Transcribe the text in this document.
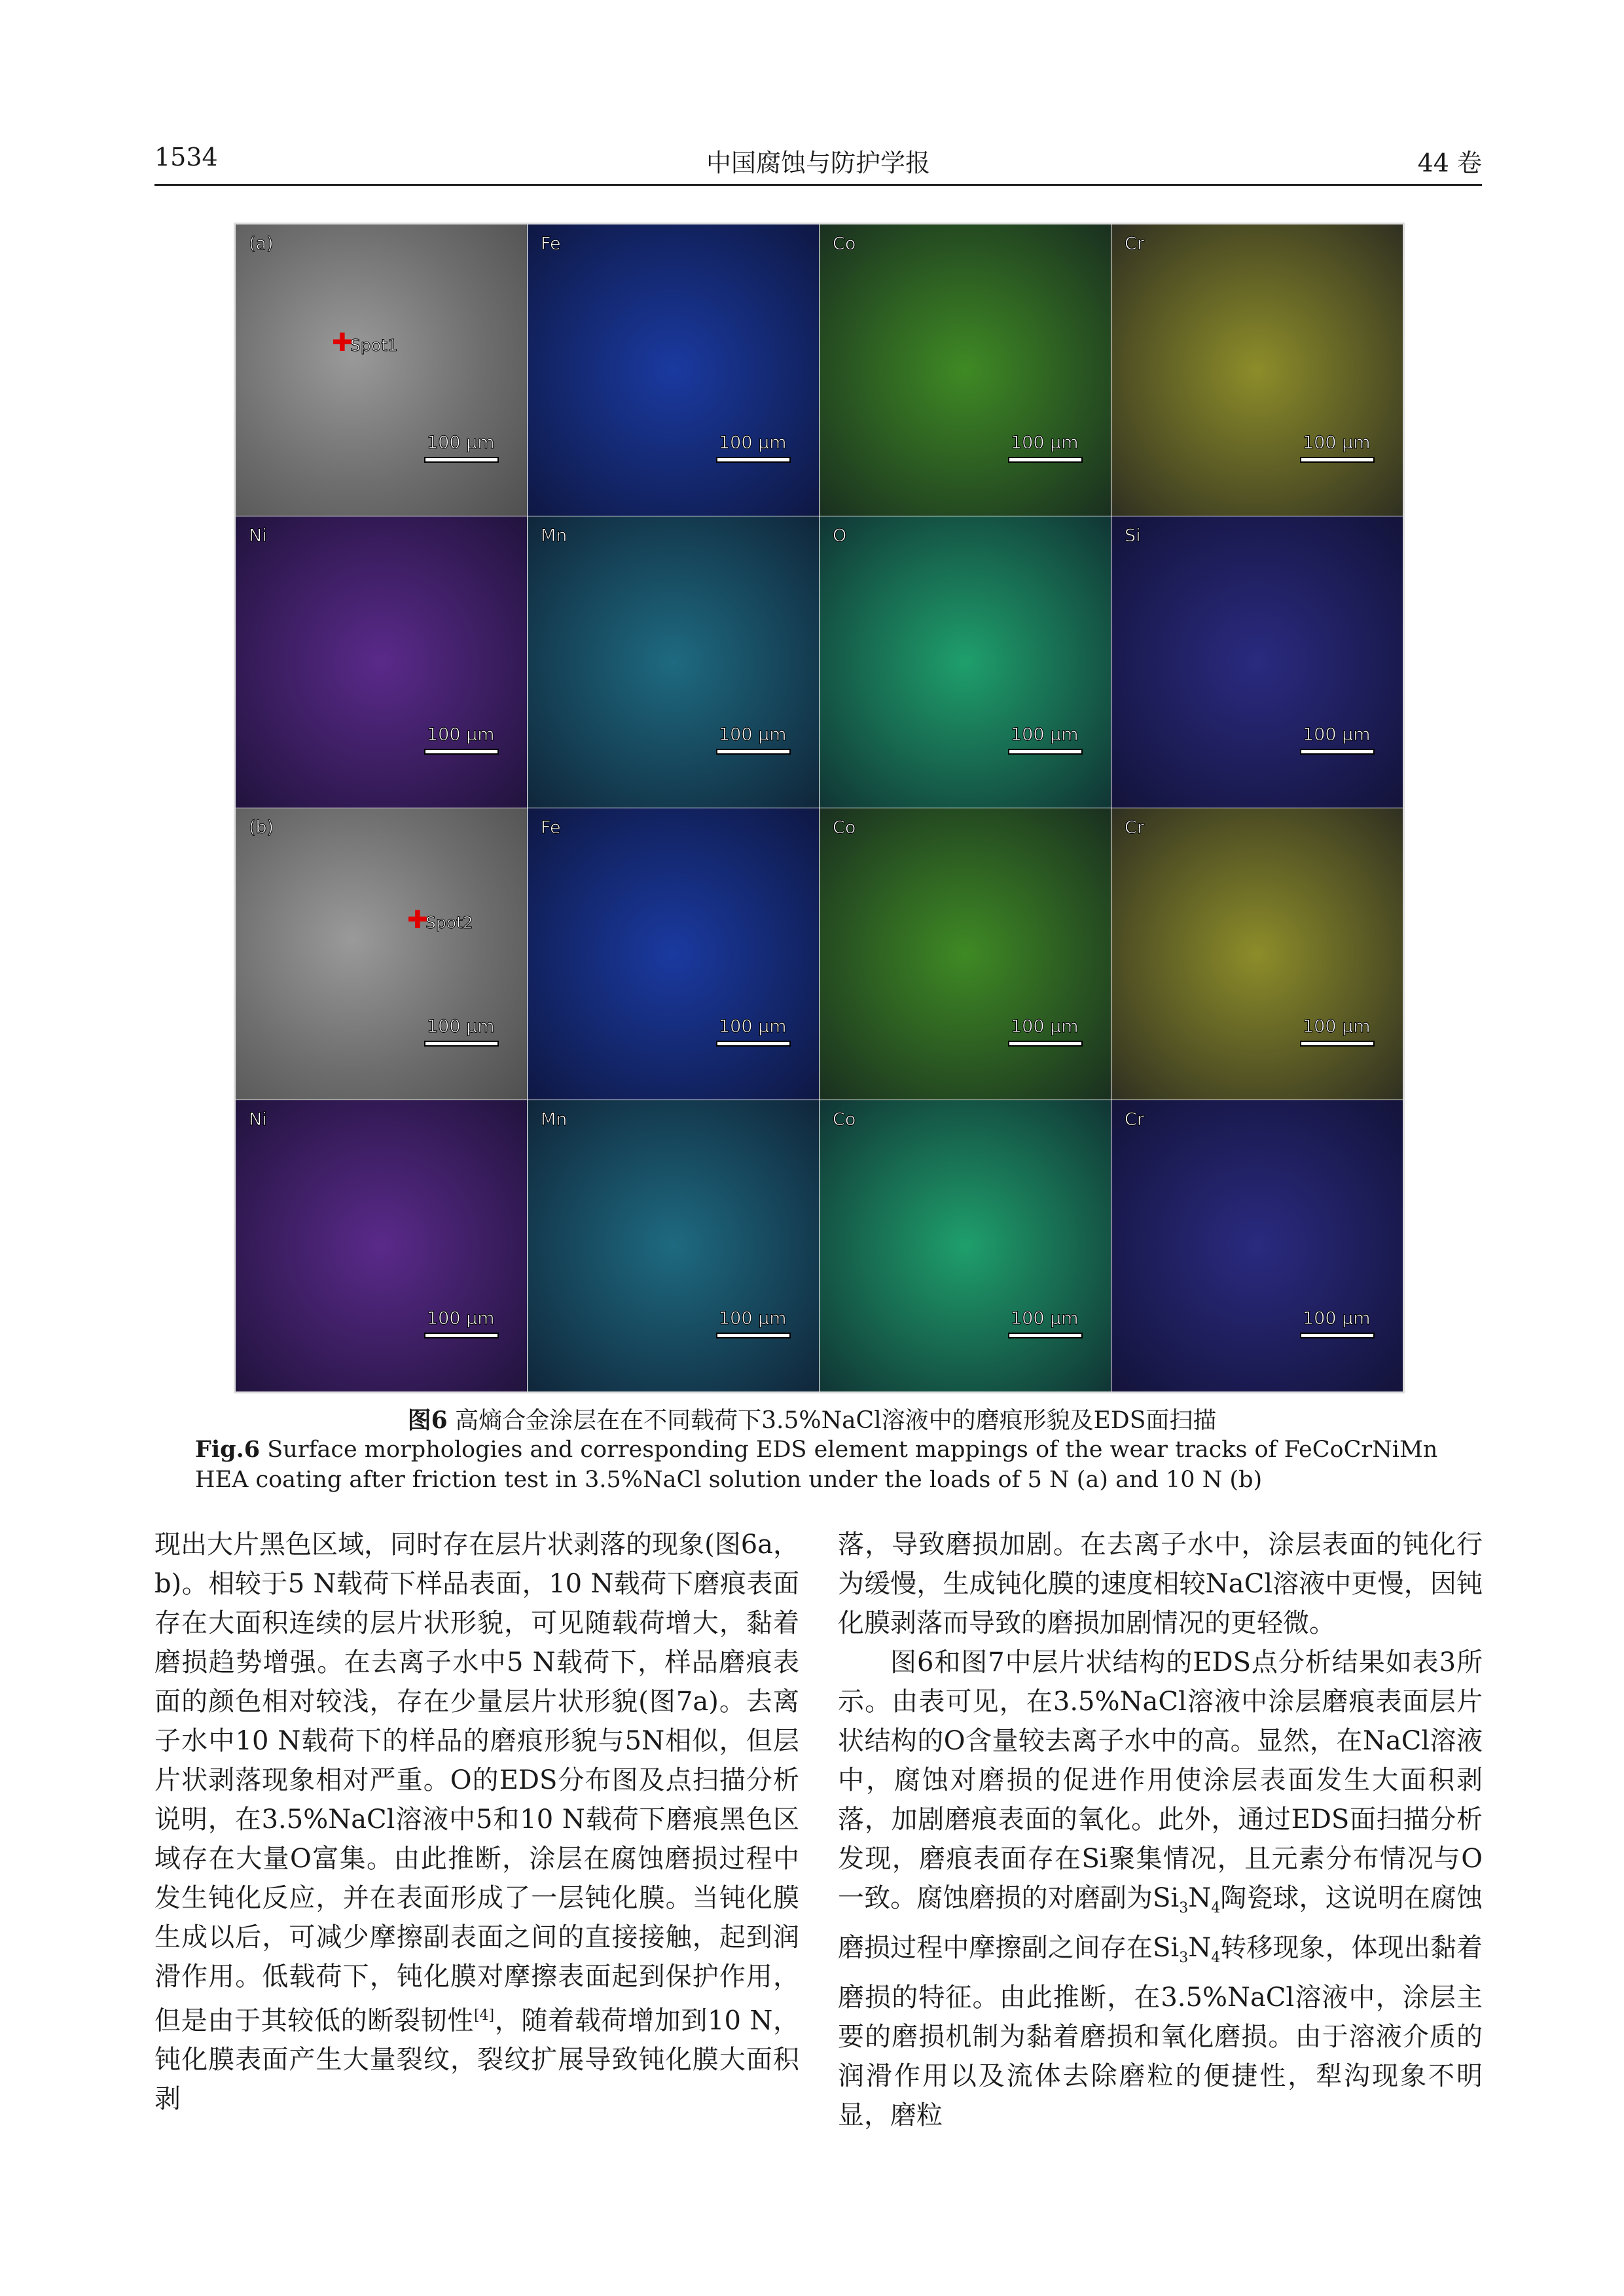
1534	中国腐蚀与防护学报	44 卷
(a)
100 μm
✚
Spot1
Fe
100 μm
Co
100 μm
Cr
100 μm
Ni
100 μm
Mn
100 μm
O
100 μm
Si
100 μm
(b)
100 μm
✚
Spot2
Fe
100 μm
Co
100 μm
Cr
100 μm
Ni
100 μm
Mn
100 μm
Co
100 μm
Cr
100 μm
图6 高熵合金涂层在在不同载荷下3.5%NaCl溶液中的磨痕形貌及EDS面扫描
Fig.6 Surface morphologies and corresponding EDS element mappings of the wear tracks of FeCoCrNiMn HEA coating after friction test in 3.5%NaCl solution under the loads of 5 N (a) and 10 N (b)

现出大片黑色区域，同时存在层片状剥落的现象(图6a，b)。相较于5 N载荷下样品表面，10 N载荷下磨痕表面存在大面积连续的层片状形貌，可见随载荷增大，黏着磨损趋势增强。在去离子水中5 N载荷下，样品磨痕表面的颜色相对较浅，存在少量层片状形貌(图7a)。去离子水中10 N载荷下的样品的磨痕形貌与5N相似，但层片状剥落现象相对严重。O的EDS分布图及点扫描分析说明，在3.5%NaCl溶液中5和10 N载荷下磨痕黑色区域存在大量O富集。由此推断，涂层在腐蚀磨损过程中发生钝化反应，并在表面形成了一层钝化膜。当钝化膜生成以后，可减少摩擦副表面之间的直接接触，起到润滑作用。低载荷下，钝化膜对摩擦表面起到保护作用，但是由于其较低的断裂韧性[4]，随着载荷增加到10 N，钝化膜表面产生大量裂纹，裂纹扩展导致钝化膜大面积剥

落，导致磨损加剧。在去离子水中，涂层表面的钝化行为缓慢，生成钝化膜的速度相较NaCl溶液中更慢，因钝化膜剥落而导致的磨损加剧情况的更轻微。

图6和图7中层片状结构的EDS点分析结果如表3所示。由表可见，在3.5%NaCl溶液中涂层磨痕表面层片状结构的O含量较去离子水中的高。显然，在NaCl溶液中，腐蚀对磨损的促进作用使涂层表面发生大面积剥落，加剧磨痕表面的氧化。此外，通过EDS面扫描分析发现，磨痕表面存在Si聚集情况，且元素分布情况与O一致。腐蚀磨损的对磨副为$Si_3N_4$陶瓷球，这说明在腐蚀磨损过程中摩擦副之间存在$Si_3N_4$转移现象，体现出黏着磨损的特征。由此推断，在3.5%NaCl溶液中，涂层主要的磨损机制为黏着磨损和氧化磨损。由于溶液介质的润滑作用以及流体去除磨粒的便捷性，犁沟现象不明显，磨粒
